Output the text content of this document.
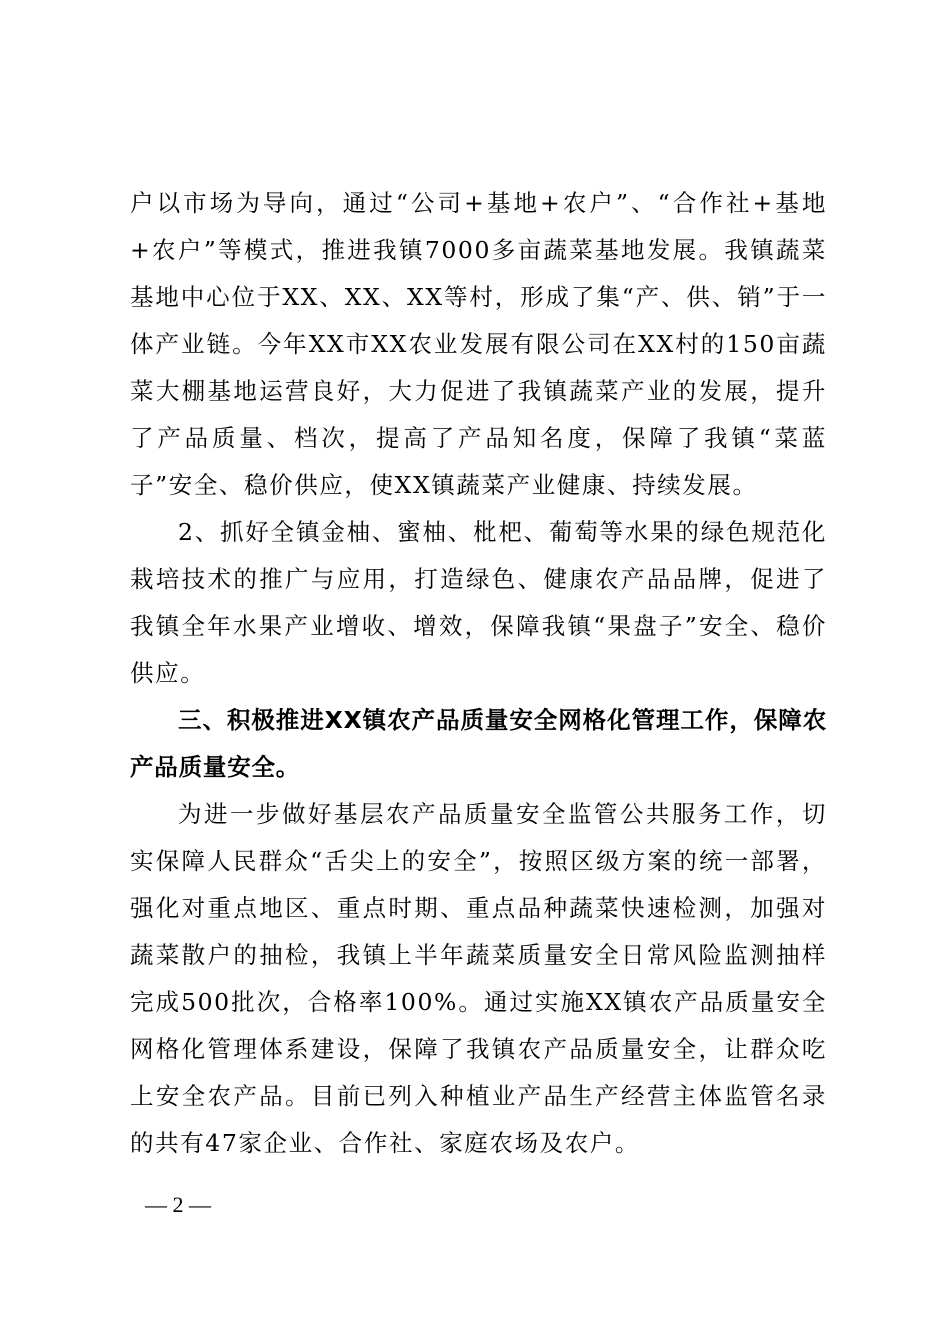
户以市场为导向，通过“公司+基地+农户”、“合作社+基地+农户”等模式，推进我镇7000多亩蔬菜基地发展。我镇蔬菜基地中心位于XX、XX、XX等村，形成了集“产、供、销”于一体产业链。今年XX市XX农业发展有限公司在XX村的150亩蔬菜大棚基地运营良好，大力促进了我镇蔬菜产业的发展，提升了产品质量、档次，提高了产品知名度，保障了我镇“菜蓝子”安全、稳价供应，使XX镇蔬菜产业健康、持续发展。

2、抓好全镇金柚、蜜柚、枇杷、葡萄等水果的绿色规范化栽培技术的推广与应用，打造绿色、健康农产品品牌，促进了我镇全年水果产业增收、增效，保障我镇“果盘子”安全、稳价供应。

三、积极推进XX镇农产品质量安全网格化管理工作，保障农产品质量安全。

为进一步做好基层农产品质量安全监管公共服务工作，切实保障人民群众“舌尖上的安全”，按照区级方案的统一部署，强化对重点地区、重点时期、重点品种蔬菜快速检测，加强对蔬菜散户的抽检，我镇上半年蔬菜质量安全日常风险监测抽样完成500批次，合格率100%。通过实施XX镇农产品质量安全网格化管理体系建设，保障了我镇农产品质量安全，让群众吃上安全农产品。目前已列入种植业产品生产经营主体监管名录的共有47家企业、合作社、家庭农场及农户。

— 2 —
